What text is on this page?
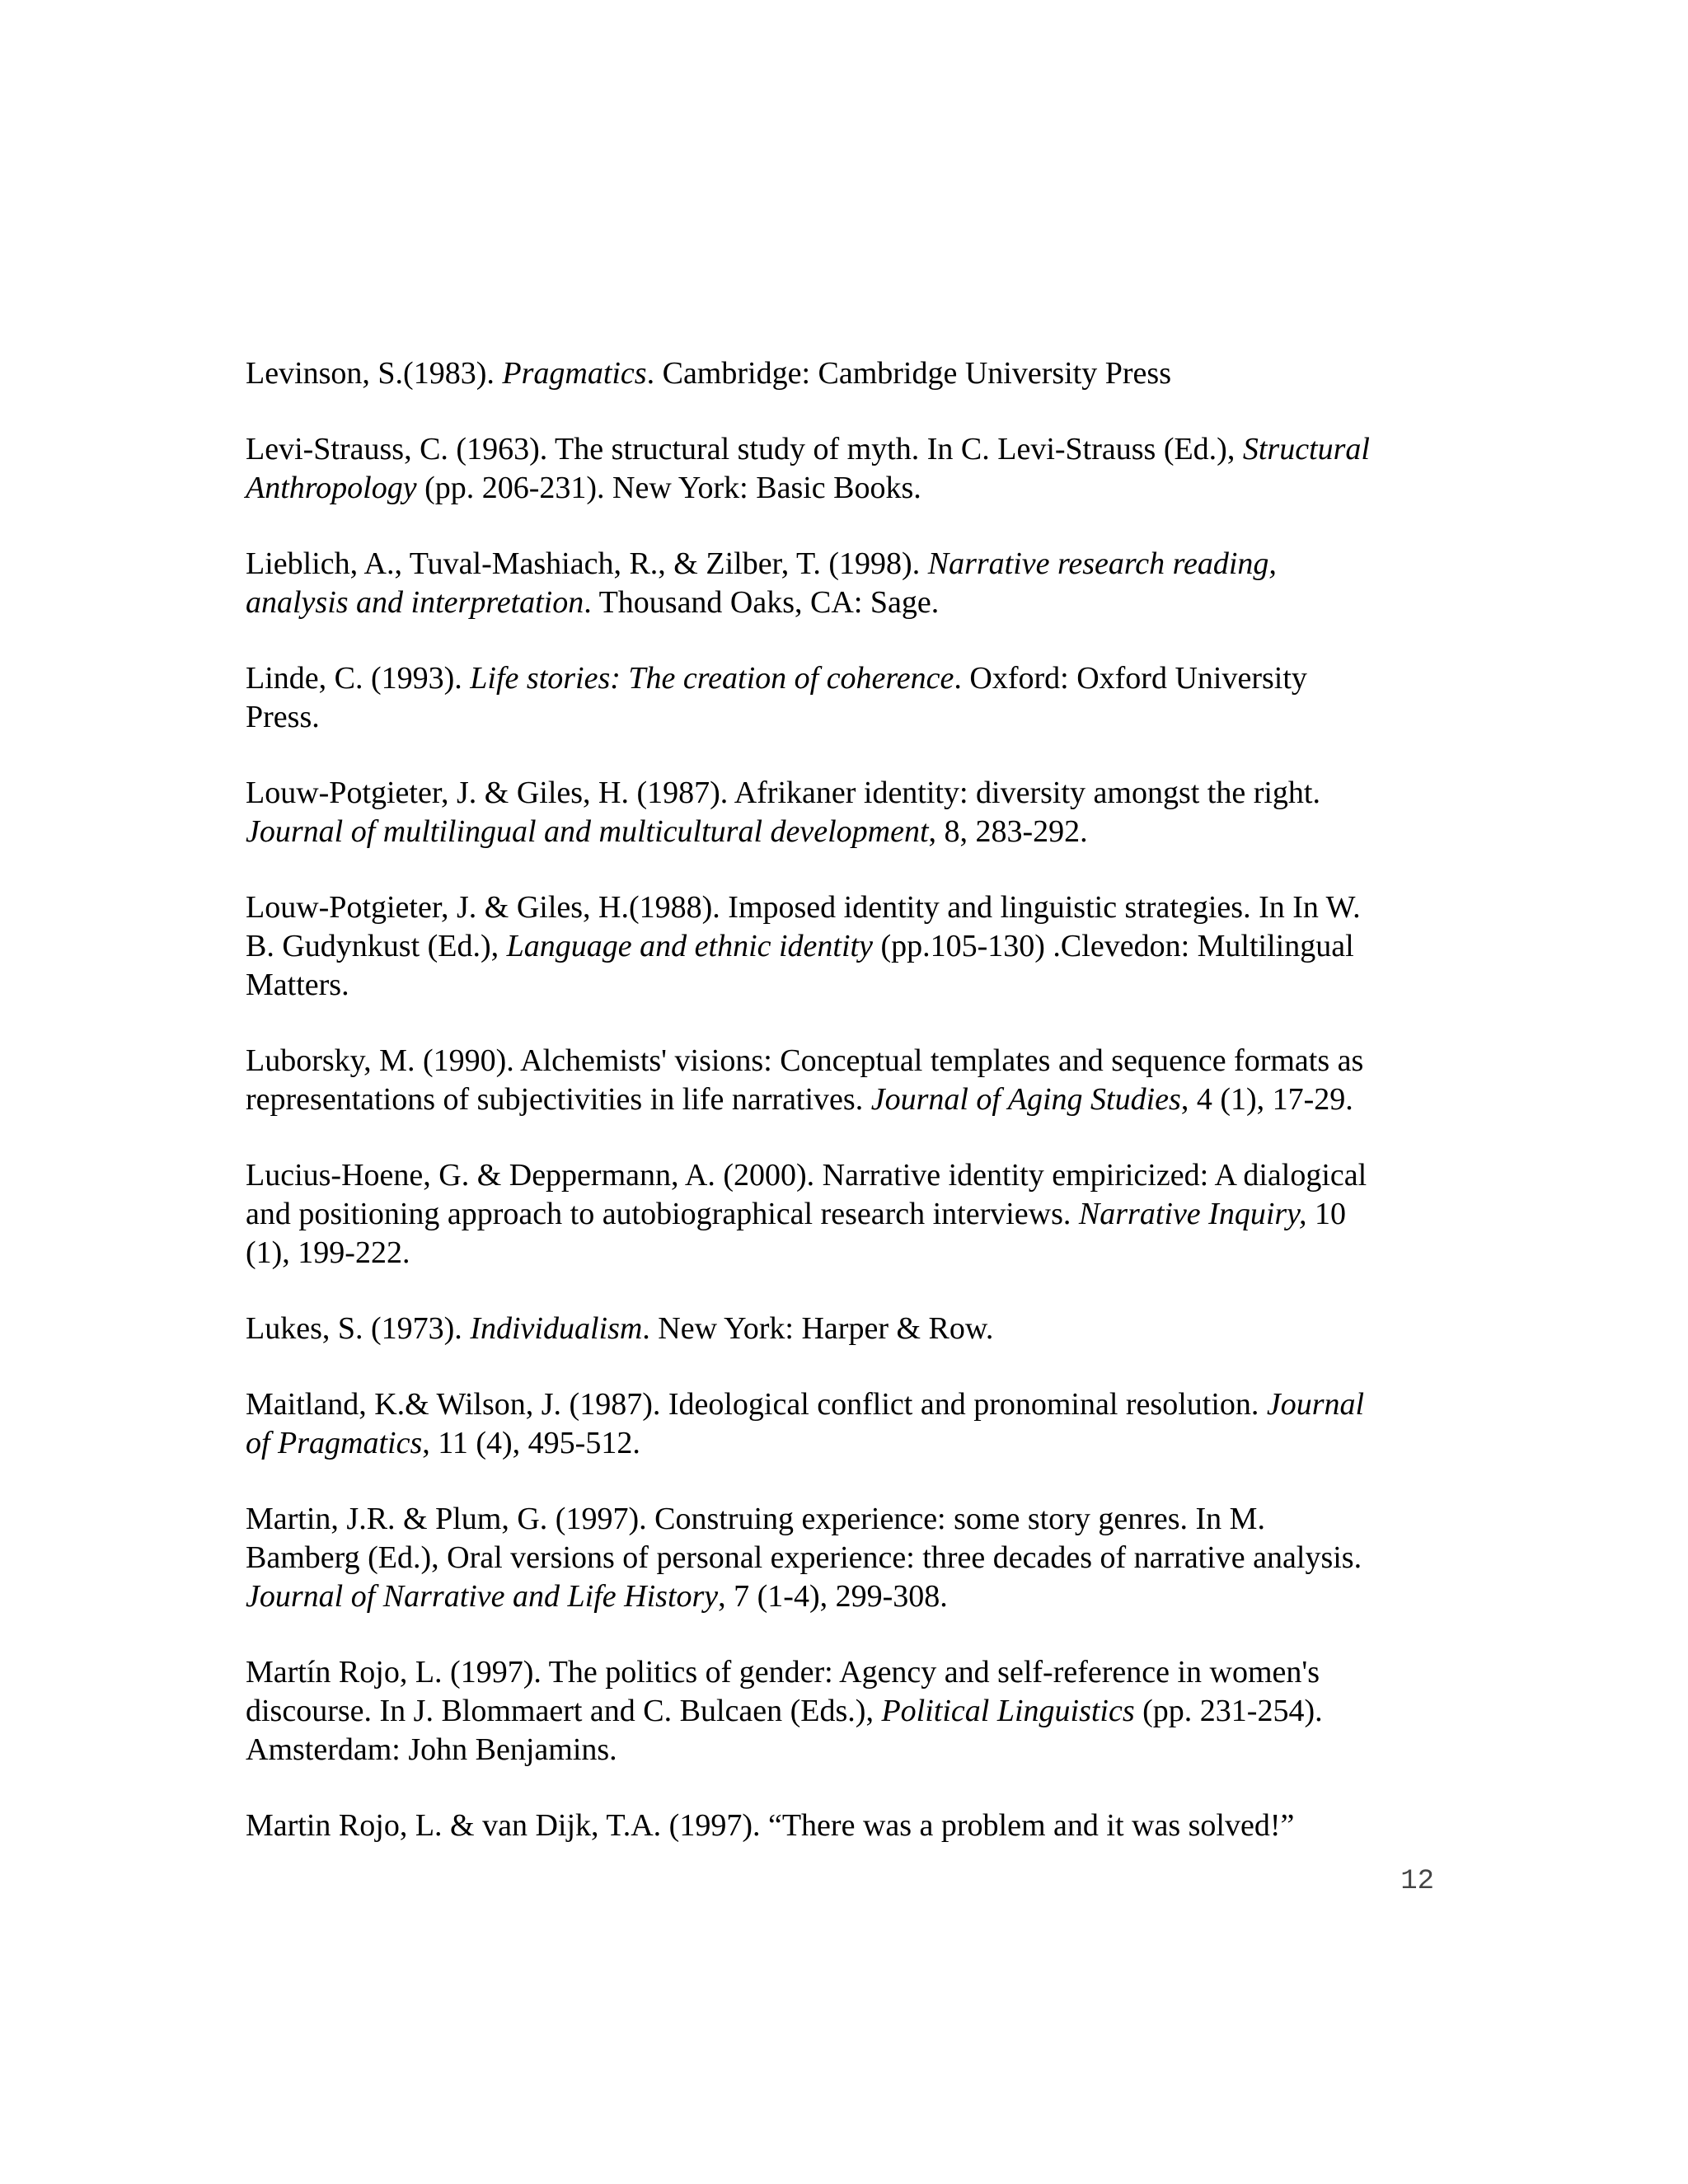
Levinson, S.(1983). Pragmatics. Cambridge: Cambridge University Press
Levi-Strauss, C. (1963). The structural study of myth. In C. Levi-Strauss (Ed.), Structural
Anthropology (pp. 206-231). New York: Basic Books.
Lieblich, A., Tuval-Mashiach, R., & Zilber, T. (1998). Narrative research reading,
analysis and interpretation. Thousand Oaks, CA: Sage.
Linde, C. (1993). Life stories: The creation of coherence. Oxford: Oxford University
Press.
Louw-Potgieter, J. & Giles, H. (1987). Afrikaner identity: diversity amongst the right.
Journal of multilingual and multicultural development, 8, 283-292.
Louw-Potgieter, J. & Giles, H.(1988). Imposed identity and linguistic strategies. In In W.
B. Gudynkust (Ed.), Language and ethnic identity (pp.105-130) .Clevedon: Multilingual
Matters.
Luborsky, M. (1990). Alchemists' visions: Conceptual templates and sequence formats as
representations of subjectivities in life narratives. Journal of Aging Studies, 4 (1), 17-29.
Lucius-Hoene, G. & Deppermann, A. (2000). Narrative identity empiricized: A dialogical
and positioning approach to autobiographical research interviews. Narrative Inquiry, 10
(1), 199-222.
Lukes, S. (1973). Individualism. New York: Harper & Row.
Maitland, K.& Wilson, J. (1987). Ideological conflict and pronominal resolution. Journal
of Pragmatics, 11 (4), 495-512.
Martin, J.R. & Plum, G. (1997). Construing experience: some story genres. In M.
Bamberg (Ed.), Oral versions of personal experience: three decades of narrative analysis.
Journal of Narrative and Life History, 7 (1-4), 299-308.
Martín Rojo, L. (1997). The politics of gender: Agency and self-reference in women's
discourse. In J. Blommaert and C. Bulcaen (Eds.), Political Linguistics (pp. 231-254).
Amsterdam: John Benjamins.
Martin Rojo, L. & van Dijk, T.A. (1997). “There was a problem and it was solved!”
12
